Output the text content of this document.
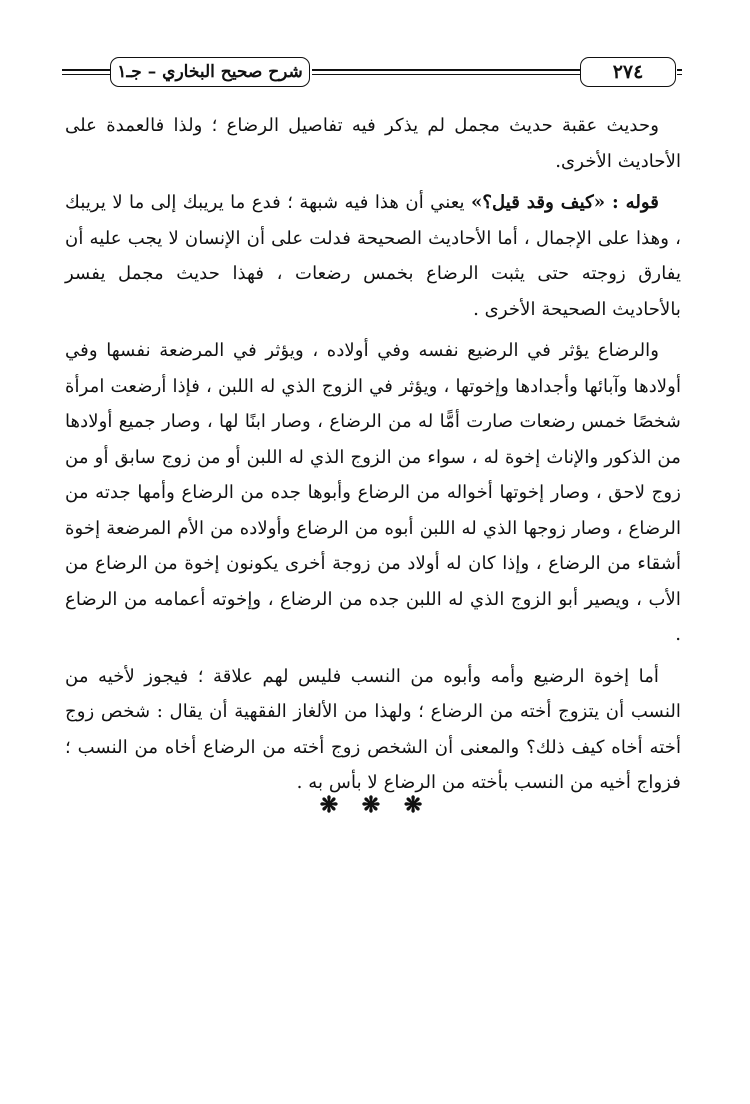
شرح صحيح البخاري – جـ١	٢٧٤

وحديث عقبة حديث مجمل لم يذكر فيه تفاصيل الرضاع ؛ ولذا فالعمدة على الأحاديث الأخرى.

قوله : «كيف وقد قيل؟» يعني أن هذا فيه شبهة ؛ فدع ما يريبك إلى ما لا يريبك ، وهذا على الإجمال ، أما الأحاديث الصحيحة فدلت على أن الإنسان لا يجب عليه أن يفارق زوجته حتى يثبت الرضاع بخمس رضعات ، فهذا حديث مجمل يفسر بالأحاديث الصحيحة الأخرى .

والرضاع يؤثر في الرضيع نفسه وفي أولاده ، ويؤثر في المرضعة نفسها وفي أولادها وآبائها وأجدادها وإخوتها ، ويؤثر في الزوج الذي له اللبن ، فإذا أرضعت امرأة شخصًا خمس رضعات صارت أمًّا له من الرضاع ، وصار ابنًا لها ، وصار جميع أولادها من الذكور والإناث إخوة له ، سواء من الزوج الذي له اللبن أو من زوج سابق أو من زوج لاحق ، وصار إخوتها أخواله من الرضاع وأبوها جده من الرضاع وأمها جدته من الرضاع ، وصار زوجها الذي له اللبن أبوه من الرضاع وأولاده من الأم المرضعة إخوة أشقاء من الرضاع ، وإذا كان له أولاد من زوجة أخرى يكونون إخوة من الرضاع من الأب ، ويصير أبو الزوج الذي له اللبن جده من الرضاع ، وإخوته أعمامه من الرضاع .

أما إخوة الرضيع وأمه وأبوه من النسب فليس لهم علاقة ؛ فيجوز لأخيه من النسب أن يتزوج أخته من الرضاع ؛ ولهذا من الألغاز الفقهية أن يقال : شخص زوج أخته أخاه كيف ذلك؟ والمعنى أن الشخص زوج أخته من الرضاع أخاه من النسب ؛ فزواج أخيه من النسب بأخته من الرضاع لا بأس به .

❋ ❋ ❋
